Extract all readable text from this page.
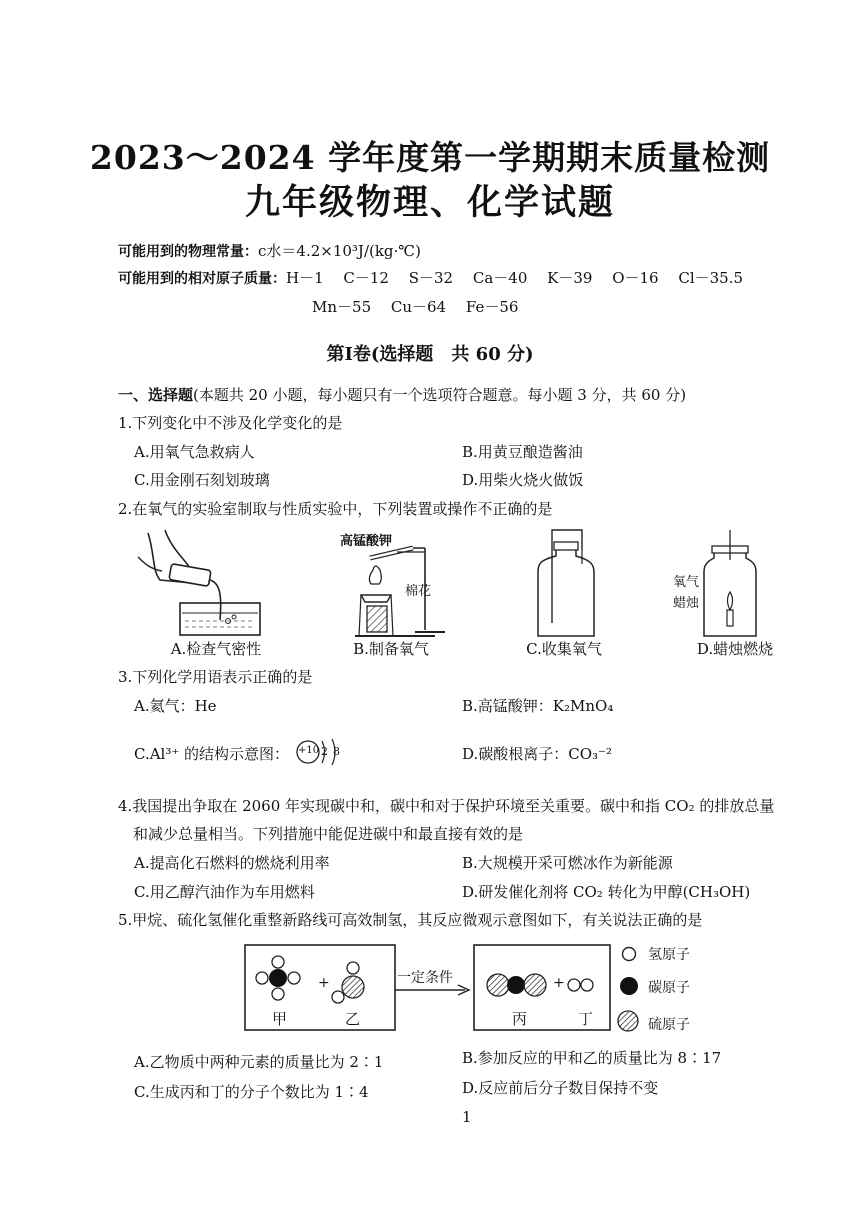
2023～2024 学年度第一学期期末质量检测
九年级物理、化学试题
可能用到的物理常量：c水＝4.2×10³J/(kg·℃)
可能用到的相对原子质量：H－1　 C－12　 S－32　 Ca－40　 K－39　 O－16　 Cl－35.5
Mn－55　 Cu－64　 Fe－56
第Ⅰ卷(选择题　共 60 分)
一、选择题(本题共 20 小题，每小题只有一个选项符合题意。每小题 3 分，共 60 分)
1.下列变化中不涉及化学变化的是
A.用氧气急救病人	B.用黄豆酿造酱油
C.用金刚石刻划玻璃	D.用柴火烧火做饭
2.在氧气的实验室制取与性质实验中，下列装置或操作不正确的是
高锰酸钾
棉花
氧气
蜡烛
A.检查气密性	B.制备氧气	C.收集氧气	D.蜡烛燃烧
3.下列化学用语表示正确的是
A.氦气：He	B.高锰酸钾：K₂MnO₄
C.Al³⁺ 的结构示意图： +10 2 8	D.碳酸根离子：CO₃⁻²
4.我国提出争取在 2060 年实现碳中和，碳中和对于保护环境至关重要。碳中和指 CO₂ 的排放总量
和减少总量相当。下列措施中能促进碳中和最直接有效的是
A.提高化石燃料的燃烧利用率	B.大规模开采可燃冰作为新能源
C.用乙醇汽油作为车用燃料	D.研发催化剂将 CO₂ 转化为甲醇(CH₃OH)
5.甲烷、硫化氢催化重整新路线可高效制氢，其反应微观示意图如下，有关说法正确的是
+	+
甲	乙	丙	丁
一定条件
氢原子
碳原子
硫原子
A.乙物质中两种元素的质量比为 2∶1	B.参加反应的甲和乙的质量比为 8∶17
C.生成丙和丁的分子个数比为 1∶4	D.反应前后分子数目保持不变
1
